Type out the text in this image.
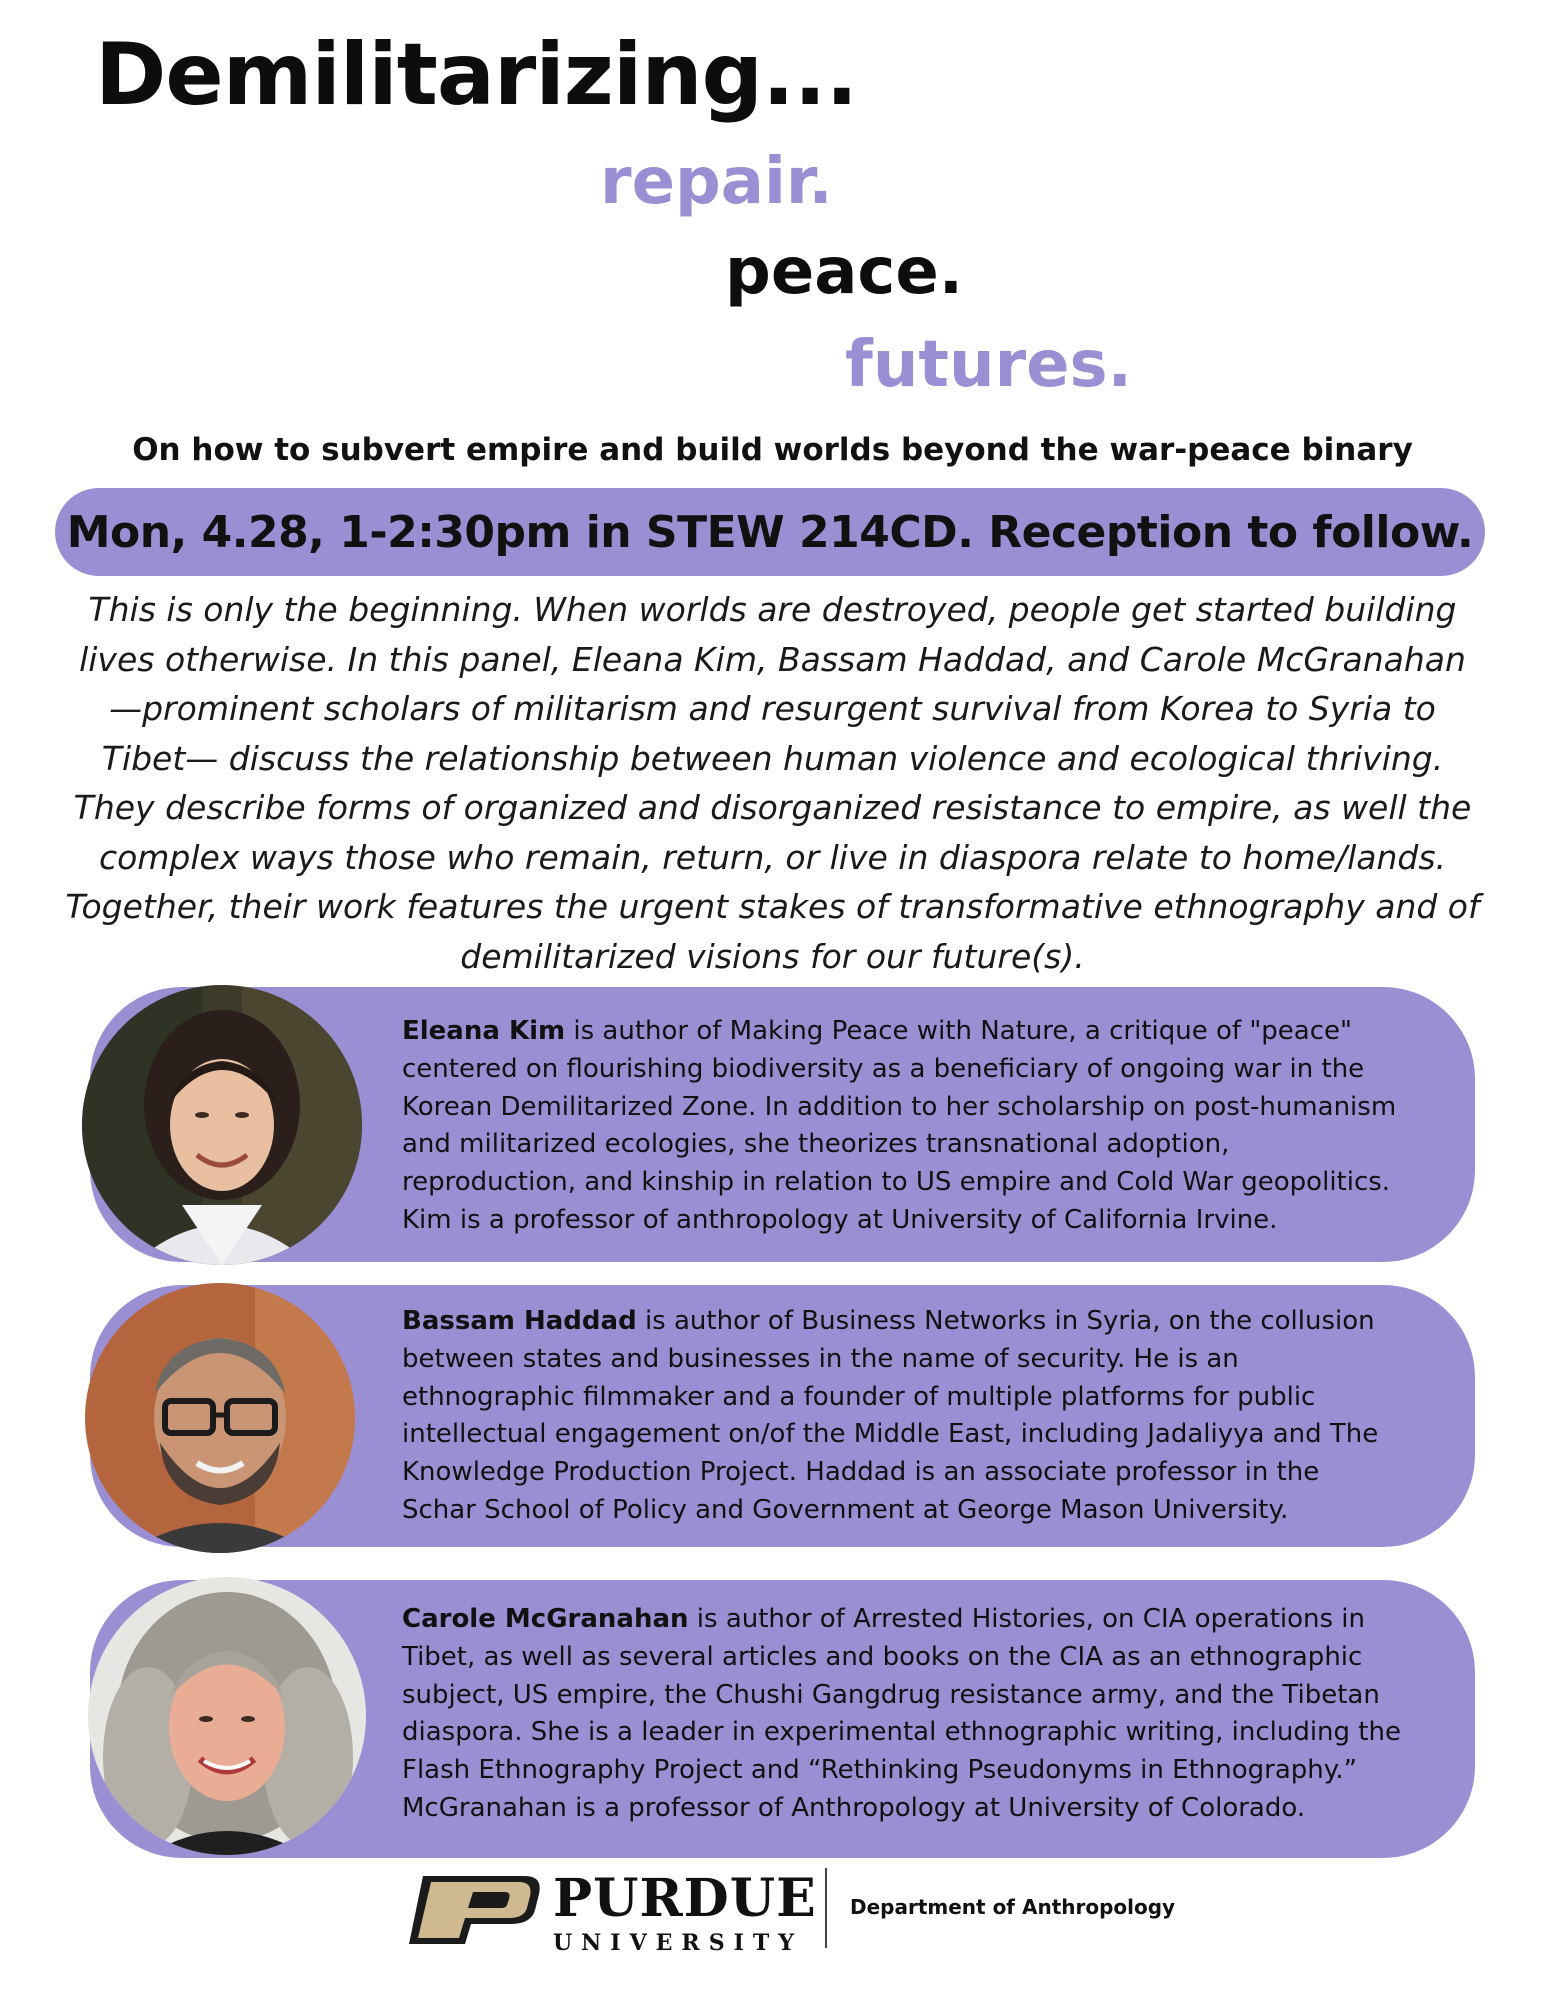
Demilitarizing...
repair.
peace.
futures.
On how to subvert empire and build worlds beyond the war-peace binary
Mon, 4.28, 1-2:30pm in STEW 214CD. Reception to follow.
This is only the beginning. When worlds are destroyed, people get started building
lives otherwise. In this panel, Eleana Kim, Bassam Haddad, and Carole McGranahan
—prominent scholars of militarism and resurgent survival from Korea to Syria to
Tibet— discuss the relationship between human violence and ecological thriving.
They describe forms of organized and disorganized resistance to empire, as well the
complex ways those who remain, return, or live in diaspora relate to home/lands.
Together, their work features the urgent stakes of transformative ethnography and of
demilitarized visions for our future(s).
Eleana Kim is author of Making Peace with Nature, a critique of "peace"
centered on flourishing biodiversity as a beneficiary of ongoing war in the
Korean Demilitarized Zone. In addition to her scholarship on post-humanism
and militarized ecologies, she theorizes transnational adoption,
reproduction, and kinship in relation to US empire and Cold War geopolitics.
Kim is a professor of anthropology at University of California Irvine.
Bassam Haddad is author of Business Networks in Syria, on the collusion
between states and businesses in the name of security. He is an
ethnographic filmmaker and a founder of multiple platforms for public
intellectual engagement on/of the Middle East, including Jadaliyya and The
Knowledge Production Project. Haddad is an associate professor in the
Schar School of Policy and Government at George Mason University.
Carole McGranahan is author of Arrested Histories, on CIA operations in
Tibet, as well as several articles and books on the CIA as an ethnographic
subject, US empire, the Chushi Gangdrug resistance army, and the Tibetan
diaspora. She is a leader in experimental ethnographic writing, including the
Flash Ethnography Project and “Rethinking Pseudonyms in Ethnography.”
McGranahan is a professor of Anthropology at University of Colorado.
PURDUE
UNIVERSITY
Department of Anthropology
